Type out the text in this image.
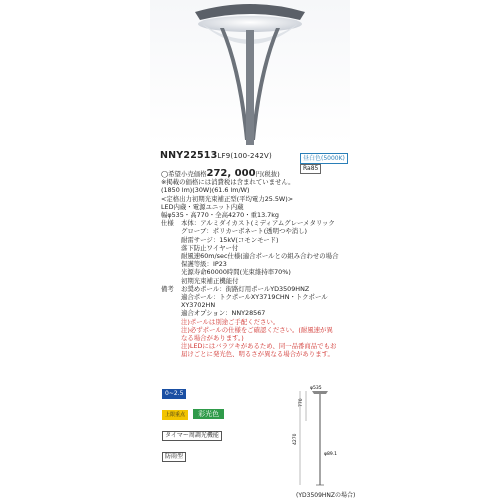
NNY22513LF9(100-242V)	昼白色(5000K)
Ra85
◯希望小売価格272, 000円(税抜)
※掲載の価格には消費税は含まれていません。
(1850 lm)(30W)(61.6 lm/W)
<定格出力初期光束補正型(平均電力25.5W)>
LED内蔵・電源ユニット内蔵
幅φ535・高770・全高4270・重13.7kg
仕様	本体：アルミダイカスト(ミディアムグレーメタリック
グローブ：ポリカーボネート(透明つや消し)
耐雷サージ：15kV(コモンモード)
落下防止ワイヤー付
耐風速60m/sec仕様(適合ポールとの組み合わせの場合
保護等級：IP23
光源寿命60000時間(光束維持率70%)
初期光束補正機能付
備考	お奨めポール：街路灯用ポールYD3509HNZ
適合ポール：トクポールXY3719CHN・トクポール
XY3702HN
適合オプション：NNY28567
注)ポールは別途ご手配ください。
注)必ずポールの仕様をご確認ください。(耐風速が異
なる場合があります。)
注)LEDにはバラツキがあるため、同一品番商品でもお
届けごとに発光色、明るさが異なる場合があります。
0~2.5
上限重点 彩光色
タイマー周調光機能
防雨型
φ535
770
4270
φ89.1
(YD3509HNZの場合)
